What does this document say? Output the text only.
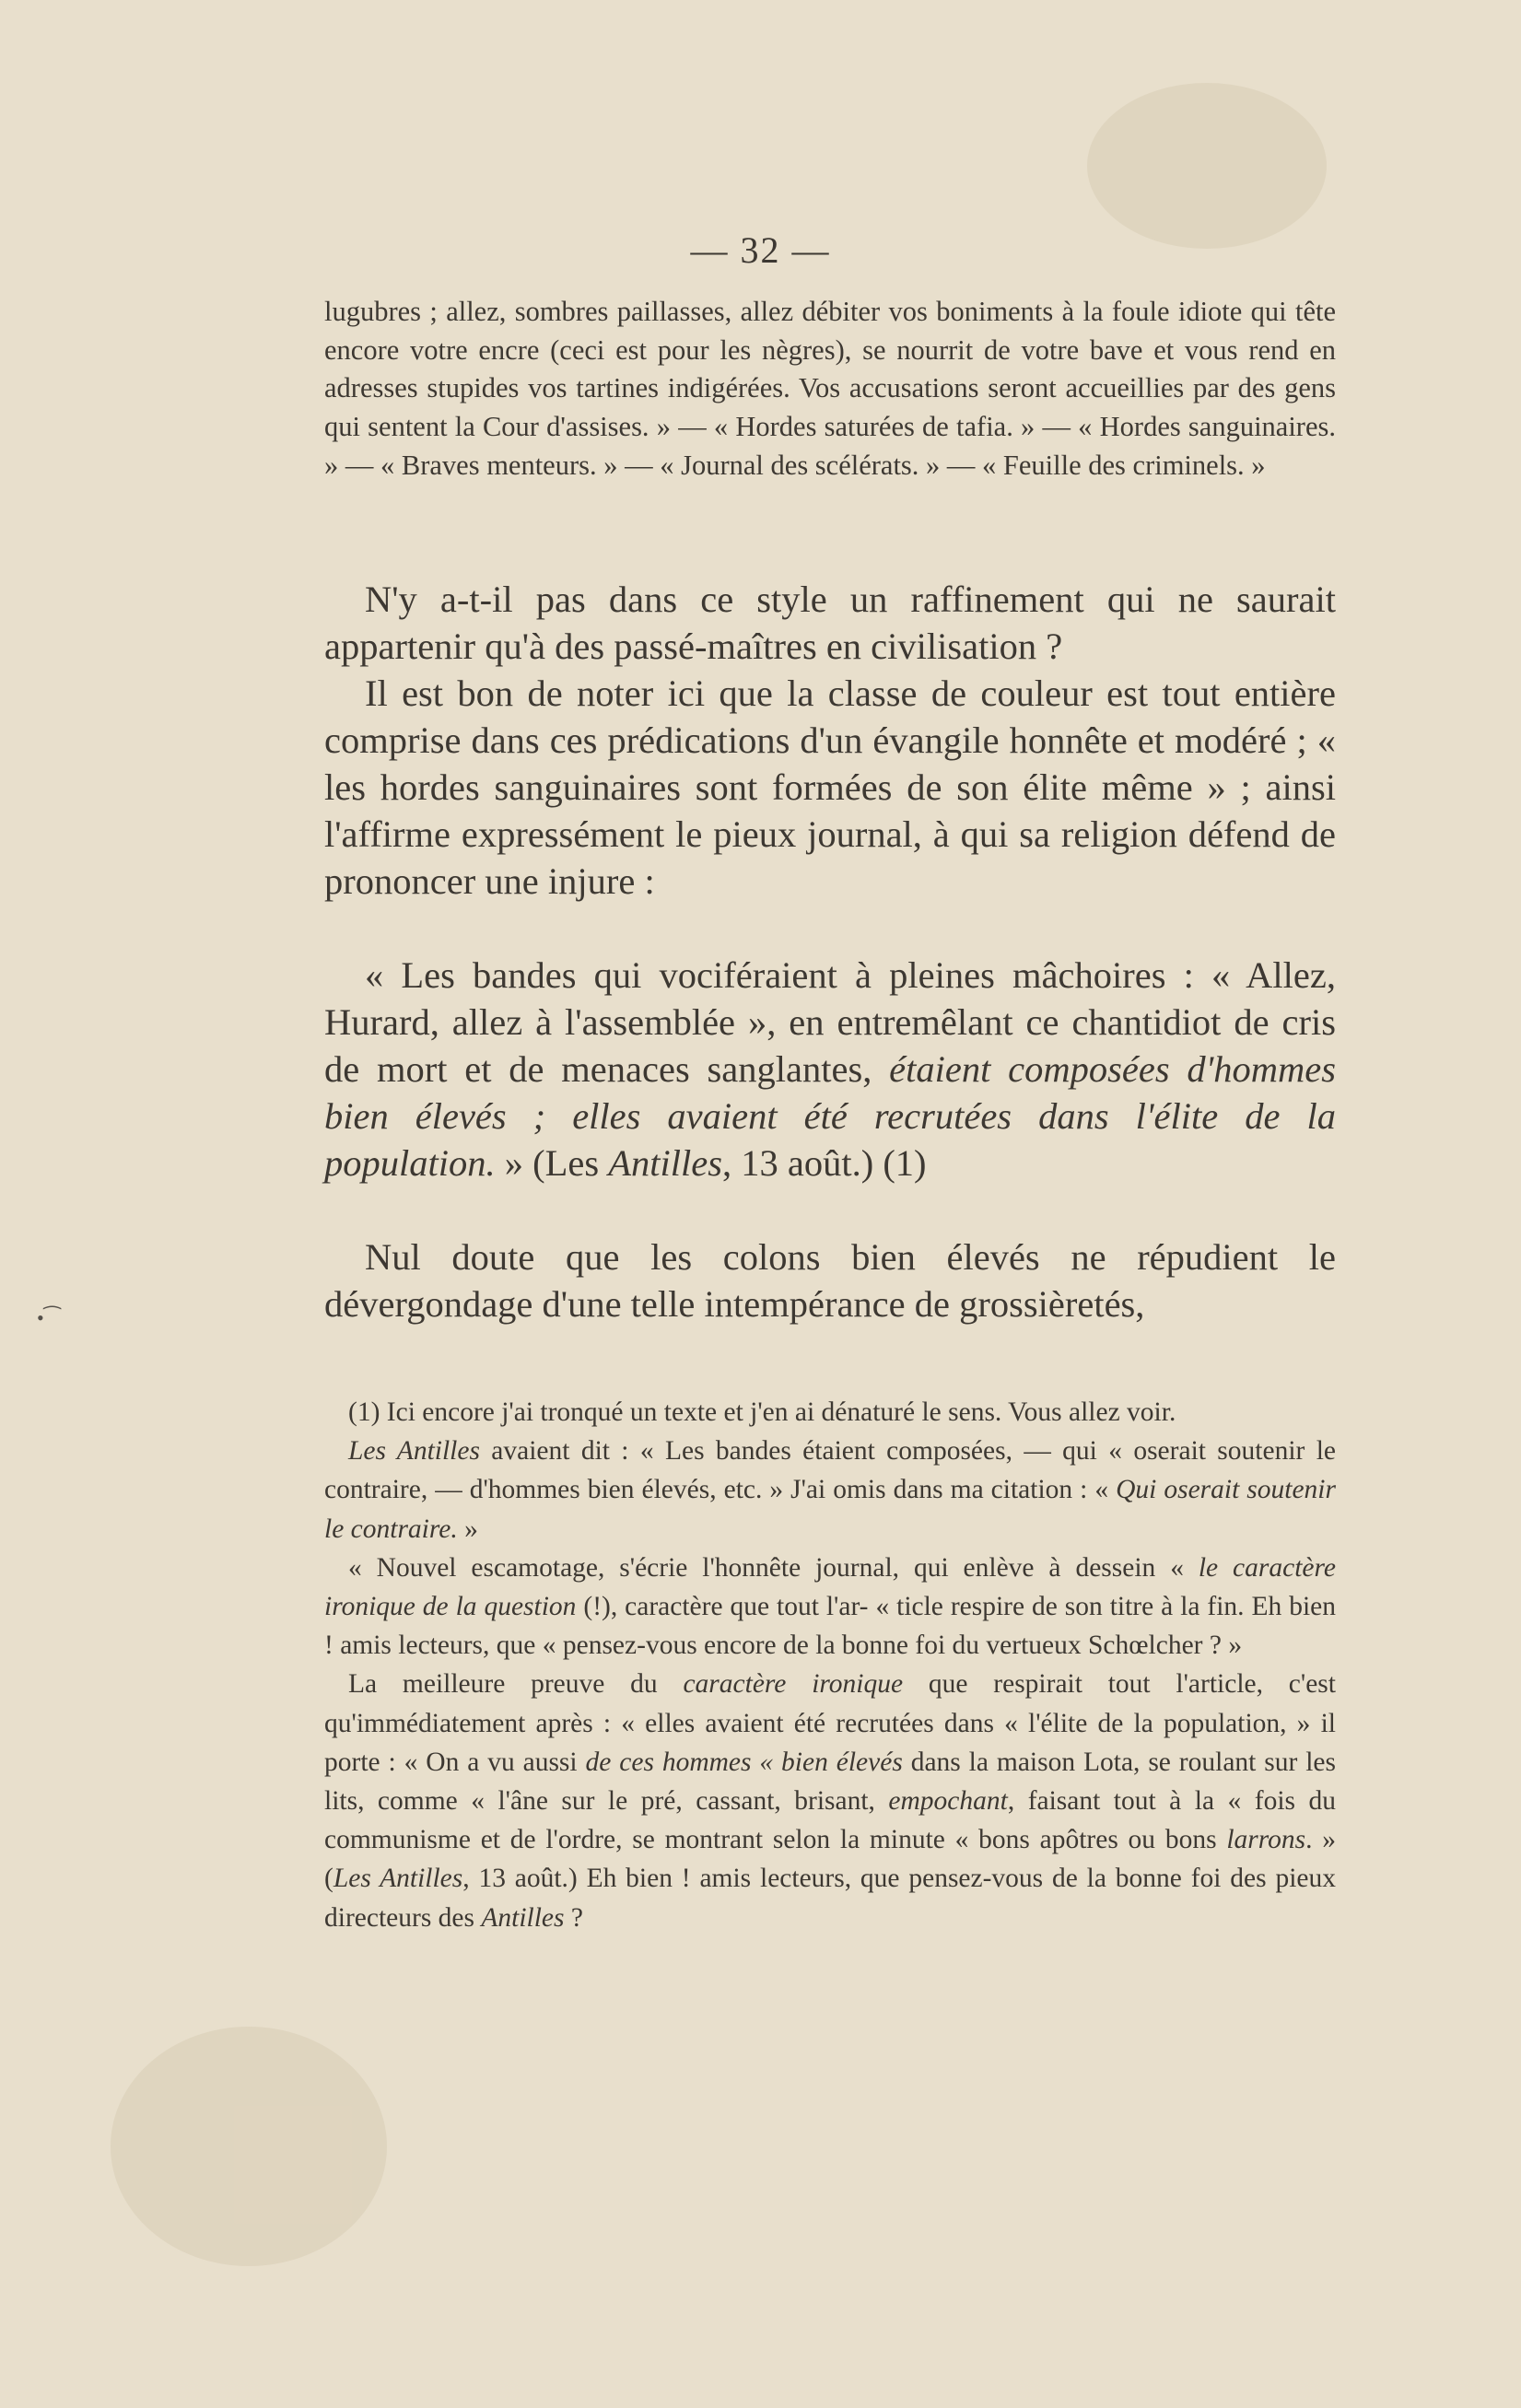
— 32 —
•⁀

lugubres ; allez, sombres paillasses, allez débiter vos boniments à la foule idiote qui tête encore votre encre (ceci est pour les nègres), se nourrit de votre bave et vous rend en adresses stupides vos tartines indigérées. Vos accusations seront accueillies par des gens qui sentent la Cour d'assises. » — « Hordes saturées de tafia. » — « Hordes sanguinaires. » — « Braves menteurs. » — « Journal des scélérats. » — « Feuille des criminels. »

N'y a-t-il pas dans ce style un raffinement qui ne saurait appartenir qu'à des passé-maîtres en civilisation ?

Il est bon de noter ici que la classe de couleur est tout entière comprise dans ces prédications d'un évangile honnête et modéré ; « les hordes sanguinaires sont formées de son élite même » ; ainsi l'affirme expressément le pieux journal, à qui sa religion défend de prononcer une injure :

« Les bandes qui vociféraient à pleines mâchoires : « Allez, Hurard, allez à l'assemblée », en entremêlant ce chantidiot de cris de mort et de menaces sanglantes, étaient composées d'hommes bien élevés ; elles avaient été recrutées dans l'élite de la population. » (Les Antilles, 13 août.) (1)

Nul doute que les colons bien élevés ne répudient le dévergondage d'une telle intempérance de grossièretés,

(1) Ici encore j'ai tronqué un texte et j'en ai dénaturé le sens. Vous allez voir.

Les Antilles avaient dit : « Les bandes étaient composées, — qui « oserait soutenir le contraire, — d'hommes bien élevés, etc. » J'ai omis dans ma citation : « Qui oserait soutenir le contraire. »

« Nouvel escamotage, s'écrie l'honnête journal, qui enlève à dessein « le caractère ironique de la question (!), caractère que tout l'ar- « ticle respire de son titre à la fin. Eh bien ! amis lecteurs, que « pensez-vous encore de la bonne foi du vertueux Schœlcher ? »

La meilleure preuve du caractère ironique que respirait tout l'article, c'est qu'immédiatement après : « elles avaient été recrutées dans « l'élite de la population, » il porte : « On a vu aussi de ces hommes « bien élevés dans la maison Lota, se roulant sur les lits, comme « l'âne sur le pré, cassant, brisant, empochant, faisant tout à la « fois du communisme et de l'ordre, se montrant selon la minute « bons apôtres ou bons larrons. » (Les Antilles, 13 août.) Eh bien ! amis lecteurs, que pensez-vous de la bonne foi des pieux directeurs des Antilles ?
